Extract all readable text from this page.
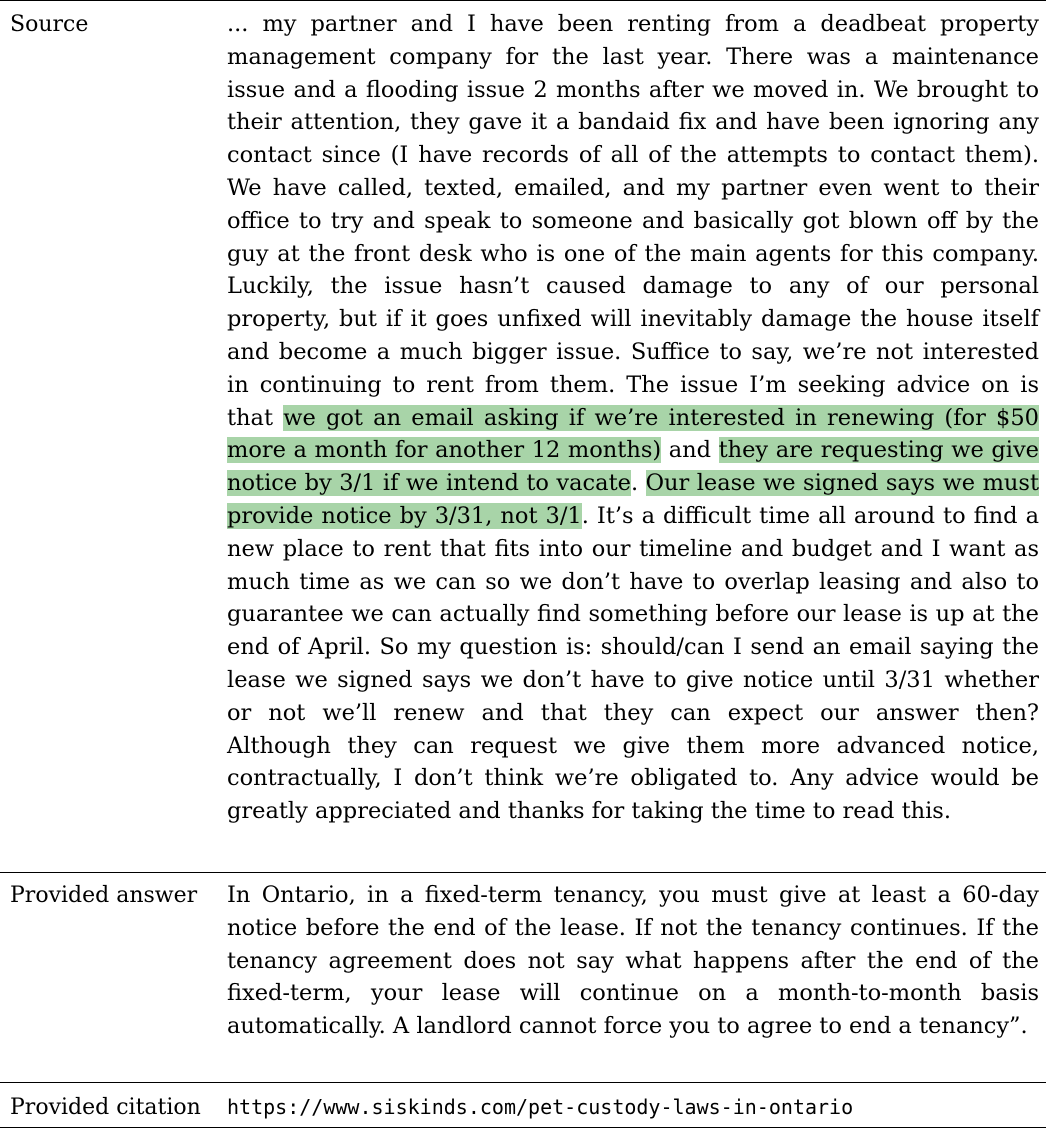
Source	... my partner and I have been renting from a deadbeat property management company for the last year. There was a maintenance issue and a flooding issue 2 months after we moved in. We brought to their attention, they gave it a bandaid fix and have been ignoring any contact since (I have records of all of the attempts to contact them). We have called, texted, emailed, and my partner even went to their office to try and speak to someone and basically got blown off by the guy at the front desk who is one of the main agents for this company. Luckily, the issue hasn’t caused damage to any of our personal property, but if it goes unfixed will inevitably damage the house itself and become a much bigger issue. Suffice to say, we’re not interested in continuing to rent from them. The issue I’m seeking advice on is that we got an email asking if we’re interested in renewing (for $50 more a month for another 12 months) and they are requesting we give notice by 3/1 if we intend to vacate. Our lease we signed says we must provide notice by 3/31, not 3/1. It’s a difficult time all around to find a new place to rent that fits into our timeline and budget and I want as much time as we can so we don’t have to overlap leasing and also to guarantee we can actually find something before our lease is up at the end of April. So my question is: should/can I send an email saying the lease we signed says we don’t have to give notice until 3/31 whether or not we’ll renew and that they can expect our answer then? Although they can request we give them more advanced notice, contractually, I don’t think we’re obligated to. Any advice would be greatly appreciated and thanks for taking the time to read this.
Provided answer In Ontario, in a fixed-term tenancy, you must give at least a 60-day notice before the end of the lease. If not the tenancy continues. If the tenancy agreement does not say what happens after the end of the fixed-term, your lease will continue on a month-to-month basis automatically. A landlord cannot force you to agree to end a tenancy”.
Provided citation https://www.siskinds.com/pet-custody-laws-in-ontario
